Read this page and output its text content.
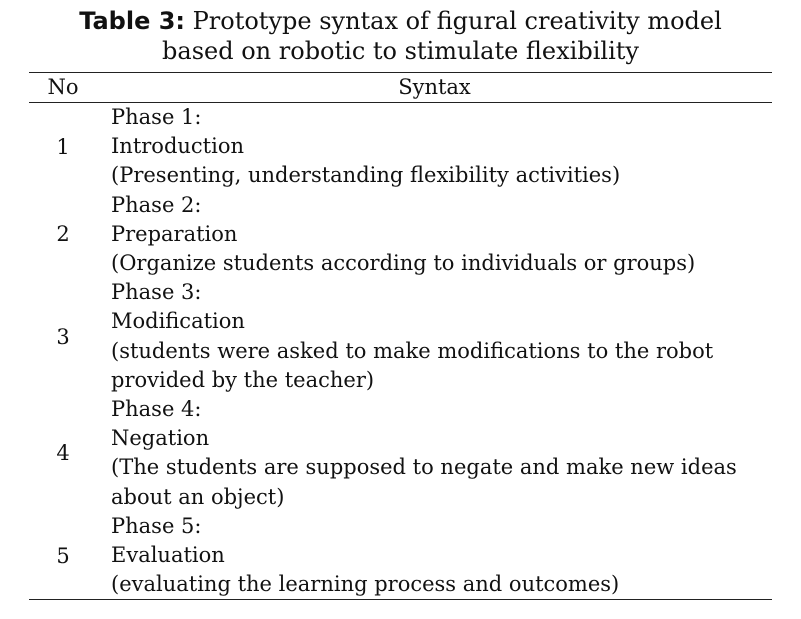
Table 3: Prototype syntax of figural creativity model
based on robotic to stimulate flexibility
No	Syntax
1	Phase 1:
Introduction
(Presenting, understanding flexibility activities)

2	Phase 2:
Preparation
(Organize students according to individuals or groups)

3	Phase 3:
Modification
(students were asked to make modifications to the robot
provided by the teacher)

4	Phase 4:
Negation
(The students are supposed to negate and make new ideas
about an object)

5	Phase 5:
Evaluation
(evaluating the learning process and outcomes)
